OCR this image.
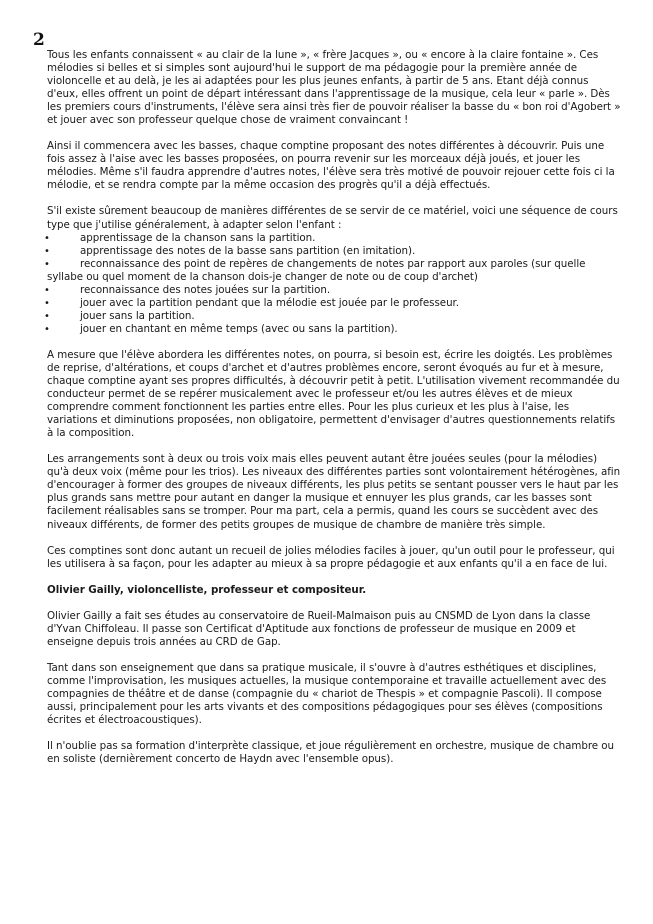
2

Tous les enfants connaissent « au clair de la lune », « frère Jacques », ou « encore à la claire fontaine ». Ces mélodies si belles et si simples sont aujourd'hui le support de ma pédagogie pour la première année de violoncelle et au delà, je les ai adaptées pour les plus jeunes enfants, à partir de 5 ans. Etant déjà connus d'eux, elles offrent un point de départ intéressant dans l'apprentissage de la musique, cela leur « parle ». Dès les premiers cours d'instruments, l'élève sera ainsi très fier de pouvoir réaliser la basse du « bon roi d'Agobert » et jouer avec son professeur quelque chose de vraiment convaincant !

Ainsi il commencera avec les basses, chaque comptine proposant des notes différentes à découvrir. Puis une fois assez à l'aise avec les basses proposées, on pourra revenir sur les morceaux déjà joués, et jouer les mélodies. Même s'il faudra apprendre d'autres notes, l'élève sera très motivé de pouvoir rejouer cette fois ci la mélodie, et se rendra compte par la même occasion des progrès qu'il a déjà effectués.

S'il existe sûrement beaucoup de manières différentes de se servir de ce matériel, voici une séquence de cours type que j'utilise généralement, à adapter selon l'enfant :

•	apprentissage de la chanson sans la partition.
•	apprentissage des notes de la basse sans partition (en imitation).
•	reconnaissance des point de repères de changements de notes par rapport aux paroles (sur quelle syllabe ou quel moment de la chanson dois-je changer de note ou de coup d'archet)
•	reconnaissance des notes jouées sur la partition.
•	jouer avec la partition pendant que la mélodie est jouée par le professeur.
•	jouer sans la partition.
•	jouer en chantant en même temps (avec ou sans la partition).

A mesure que l'élève abordera les différentes notes, on pourra, si besoin est, écrire les doigtés. Les problèmes de reprise, d'altérations, et coups d'archet et d'autres problèmes encore, seront évoqués au fur et à mesure, chaque comptine ayant ses propres difficultés, à découvrir petit à petit. L'utilisation vivement recommandée du conducteur permet de se repérer musicalement avec le professeur et/ou les autres élèves et de mieux comprendre comment fonctionnent les parties entre elles. Pour les plus curieux et les plus à l'aise, les variations et diminutions proposées, non obligatoire, permettent d'envisager d'autres questionnements relatifs à la composition.

Les arrangements sont à deux ou trois voix mais elles peuvent autant être jouées seules (pour la mélodies) qu'à deux voix (même pour les trios). Les niveaux des différentes parties sont volontairement hétérogènes, afin d'encourager à former des groupes de niveaux différents, les plus petits se sentant pousser vers le haut par les plus grands sans mettre pour autant en danger la musique et ennuyer les plus grands, car les basses sont facilement réalisables sans se tromper. Pour ma part, cela a permis, quand les cours se succèdent avec des niveaux différents, de former des petits groupes de musique de chambre de manière très simple.

Ces comptines sont donc autant un recueil de jolies mélodies faciles à jouer, qu'un outil pour le professeur, qui les utilisera à sa façon, pour les adapter au mieux à sa propre pédagogie et aux enfants qu'il a en face de lui.

Olivier Gailly, violoncelliste, professeur et compositeur.

Olivier Gailly a fait ses études au conservatoire de Rueil-Malmaison puis au CNSMD de Lyon dans la classe d'Yvan Chiffoleau. Il passe son Certificat d'Aptitude aux fonctions de professeur de musique en 2009 et enseigne depuis trois années au CRD de Gap.

Tant dans son enseignement que dans sa pratique musicale, il s'ouvre à d'autres esthétiques et disciplines, comme l'improvisation, les musiques actuelles, la musique contemporaine et travaille actuellement avec des compagnies de théâtre et de danse (compagnie du « chariot de Thespis » et compagnie Pascoli). Il compose aussi, principalement pour les arts vivants et des compositions pédagogiques pour ses élèves (compositions écrites et électroacoustiques).

Il n'oublie pas sa formation d'interprète classique, et joue régulièrement en orchestre, musique de chambre ou en soliste (dernièrement concerto de Haydn avec l'ensemble opus).
